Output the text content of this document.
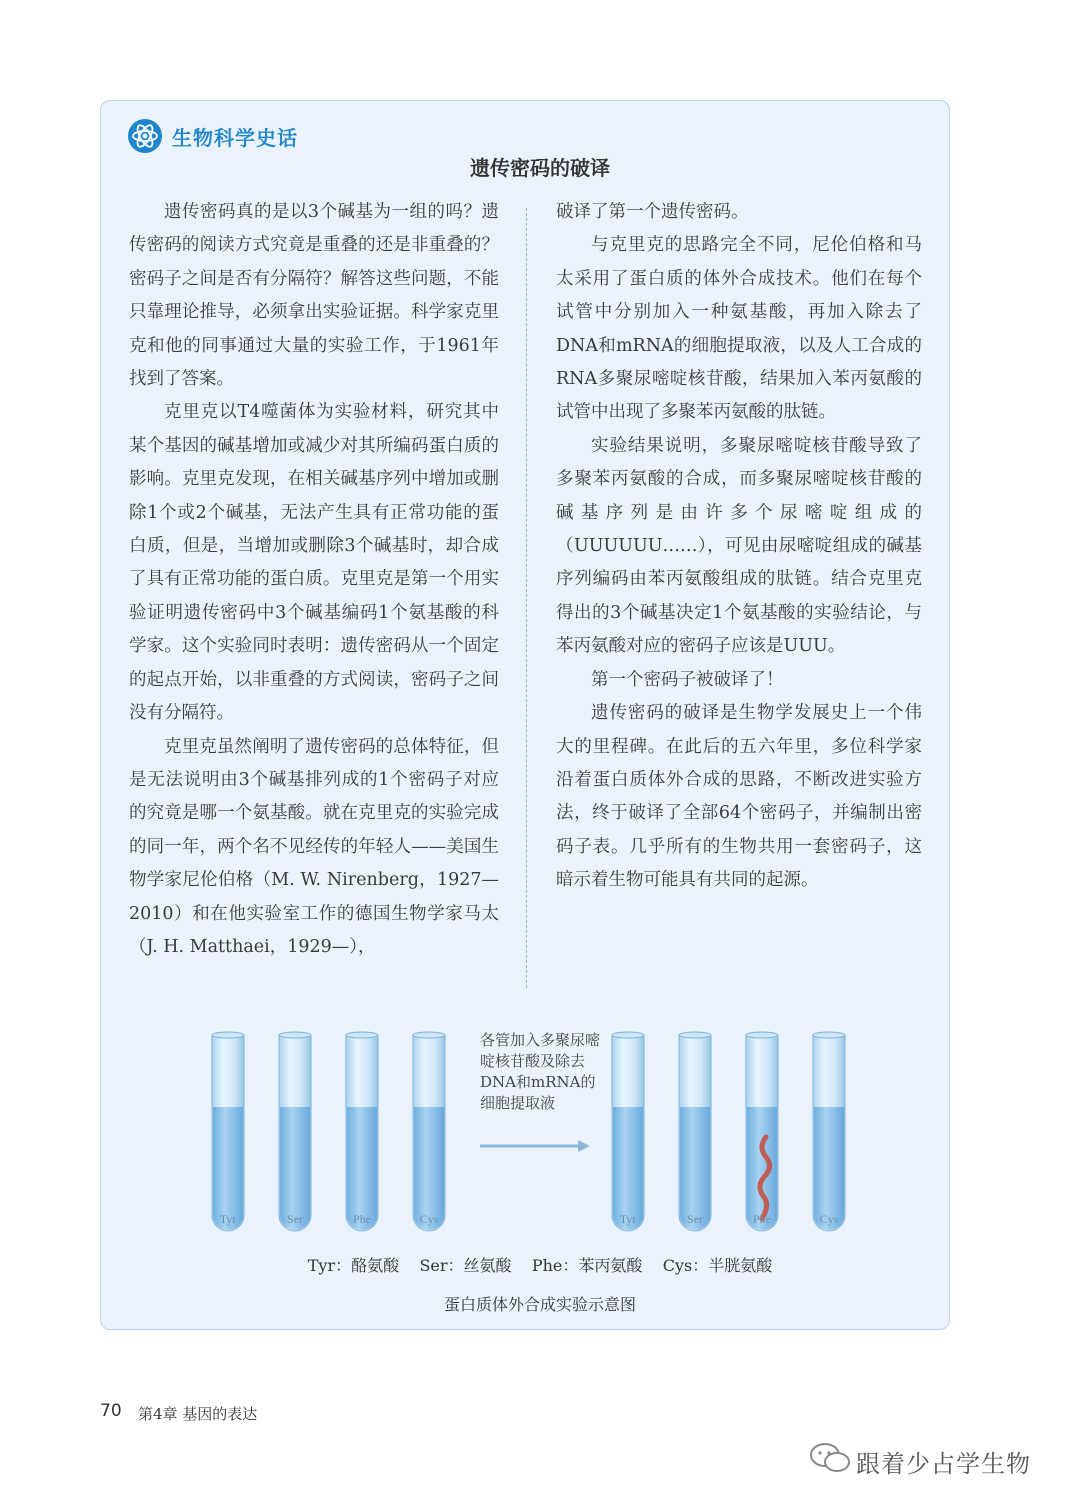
生物科学史话
遗传密码的破译

遗传密码真的是以3个碱基为一组的吗？遗传密码的阅读方式究竟是重叠的还是非重叠的？密码子之间是否有分隔符？解答这些问题，不能只靠理论推导，必须拿出实验证据。科学家克里克和他的同事通过大量的实验工作，于1961年找到了答案。

克里克以T4噬菌体为实验材料，研究其中某个基因的碱基增加或减少对其所编码蛋白质的影响。克里克发现，在相关碱基序列中增加或删除1个或2个碱基，无法产生具有正常功能的蛋白质，但是，当增加或删除3个碱基时，却合成了具有正常功能的蛋白质。克里克是第一个用实验证明遗传密码中3个碱基编码1个氨基酸的科学家。这个实验同时表明：遗传密码从一个固定的起点开始，以非重叠的方式阅读，密码子之间没有分隔符。

克里克虽然阐明了遗传密码的总体特征，但是无法说明由3个碱基排列成的1个密码子对应的究竟是哪一个氨基酸。就在克里克的实验完成的同一年，两个名不见经传的年轻人——美国生物学家尼伦伯格（M. W. Nirenberg，1927—2010）和在他实验室工作的德国生物学家马太（J. H. Matthaei，1929—），

破译了第一个遗传密码。

与克里克的思路完全不同，尼伦伯格和马太采用了蛋白质的体外合成技术。他们在每个试管中分别加入一种氨基酸，再加入除去了DNA和mRNA的细胞提取液，以及人工合成的RNA多聚尿嘧啶核苷酸，结果加入苯丙氨酸的试管中出现了多聚苯丙氨酸的肽链。

实验结果说明，多聚尿嘧啶核苷酸导致了多聚苯丙氨酸的合成，而多聚尿嘧啶核苷酸的碱基序列是由许多个尿嘧啶组成的（UUUUUU……），可见由尿嘧啶组成的碱基序列编码由苯丙氨酸组成的肽链。结合克里克得出的3个碱基决定1个氨基酸的实验结论，与苯丙氨酸对应的密码子应该是UUU。

第一个密码子被破译了！

遗传密码的破译是生物学发展史上一个伟大的里程碑。在此后的五六年里，多位科学家沿着蛋白质体外合成的思路，不断改进实验方法，终于破译了全部64个密码子，并编制出密码子表。几乎所有的生物共用一套密码子，这暗示着生物可能具有共同的起源。

Tyr	Ser	Phe	Cys	Tyr	Ser	Phe	Cys
各管加入多聚尿嘧啶核苷酸及除去DNA和mRNA的细胞提取液
Tyr：酪氨酸    Ser：丝氨酸    Phe：苯丙氨酸    Cys：半胱氨酸
蛋白质体外合成实验示意图
70 第4章 基因的表达
跟着少占学生物
